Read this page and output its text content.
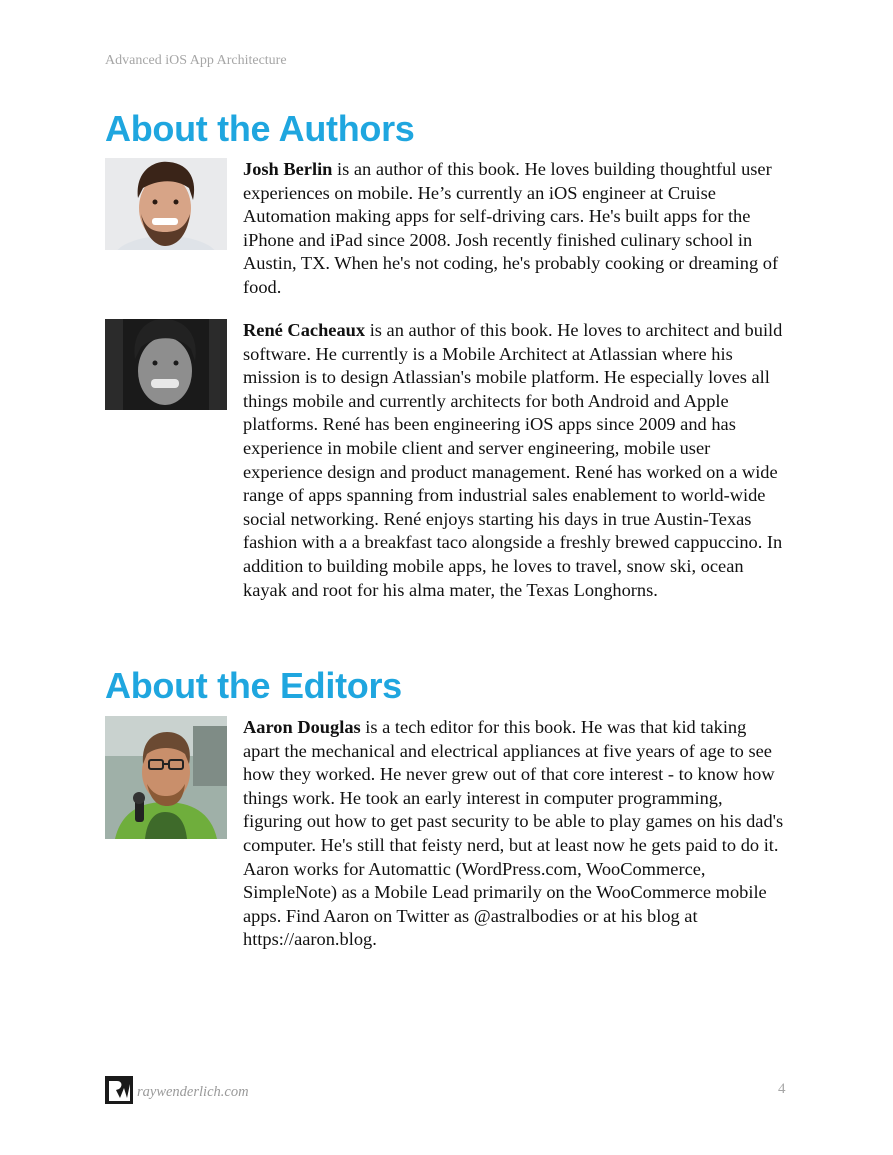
Advanced iOS App Architecture
About the Authors

Josh Berlin is an author of this book. He loves building thoughtful user experiences on mobile. He’s currently an iOS engineer at Cruise Automation making apps for self-driving cars. He's built apps for the iPhone and iPad since 2008. Josh recently finished culinary school in Austin, TX. When he's not coding, he's probably cooking or dreaming of food.

René Cacheaux is an author of this book. He loves to architect and build software. He currently is a Mobile Architect at Atlassian where his mission is to design Atlassian's mobile platform. He especially loves all things mobile and currently architects for both Android and Apple platforms. René has been engineering iOS apps since 2009 and has experience in mobile client and server engineering, mobile user experience design and product management. René has worked on a wide range of apps spanning from industrial sales enablement to world-wide social networking. René enjoys starting his days in true Austin-Texas fashion with a a breakfast taco alongside a freshly brewed cappuccino. In addition to building mobile apps, he loves to travel, snow ski, ocean kayak and root for his alma mater, the Texas Longhorns.

About the Editors

Aaron Douglas is a tech editor for this book. He was that kid taking apart the mechanical and electrical appliances at five years of age to see how they worked. He never grew out of that core interest - to know how things work. He took an early interest in computer programming, figuring out how to get past security to be able to play games on his dad's computer. He's still that feisty nerd, but at least now he gets paid to do it. Aaron works for Automattic (WordPress.com, WooCommerce, SimpleNote) as a Mobile Lead primarily on the WooCommerce mobile apps. Find Aaron on Twitter as @astralbodies or at his blog at https://aaron.blog.

raywenderlich.com	4
